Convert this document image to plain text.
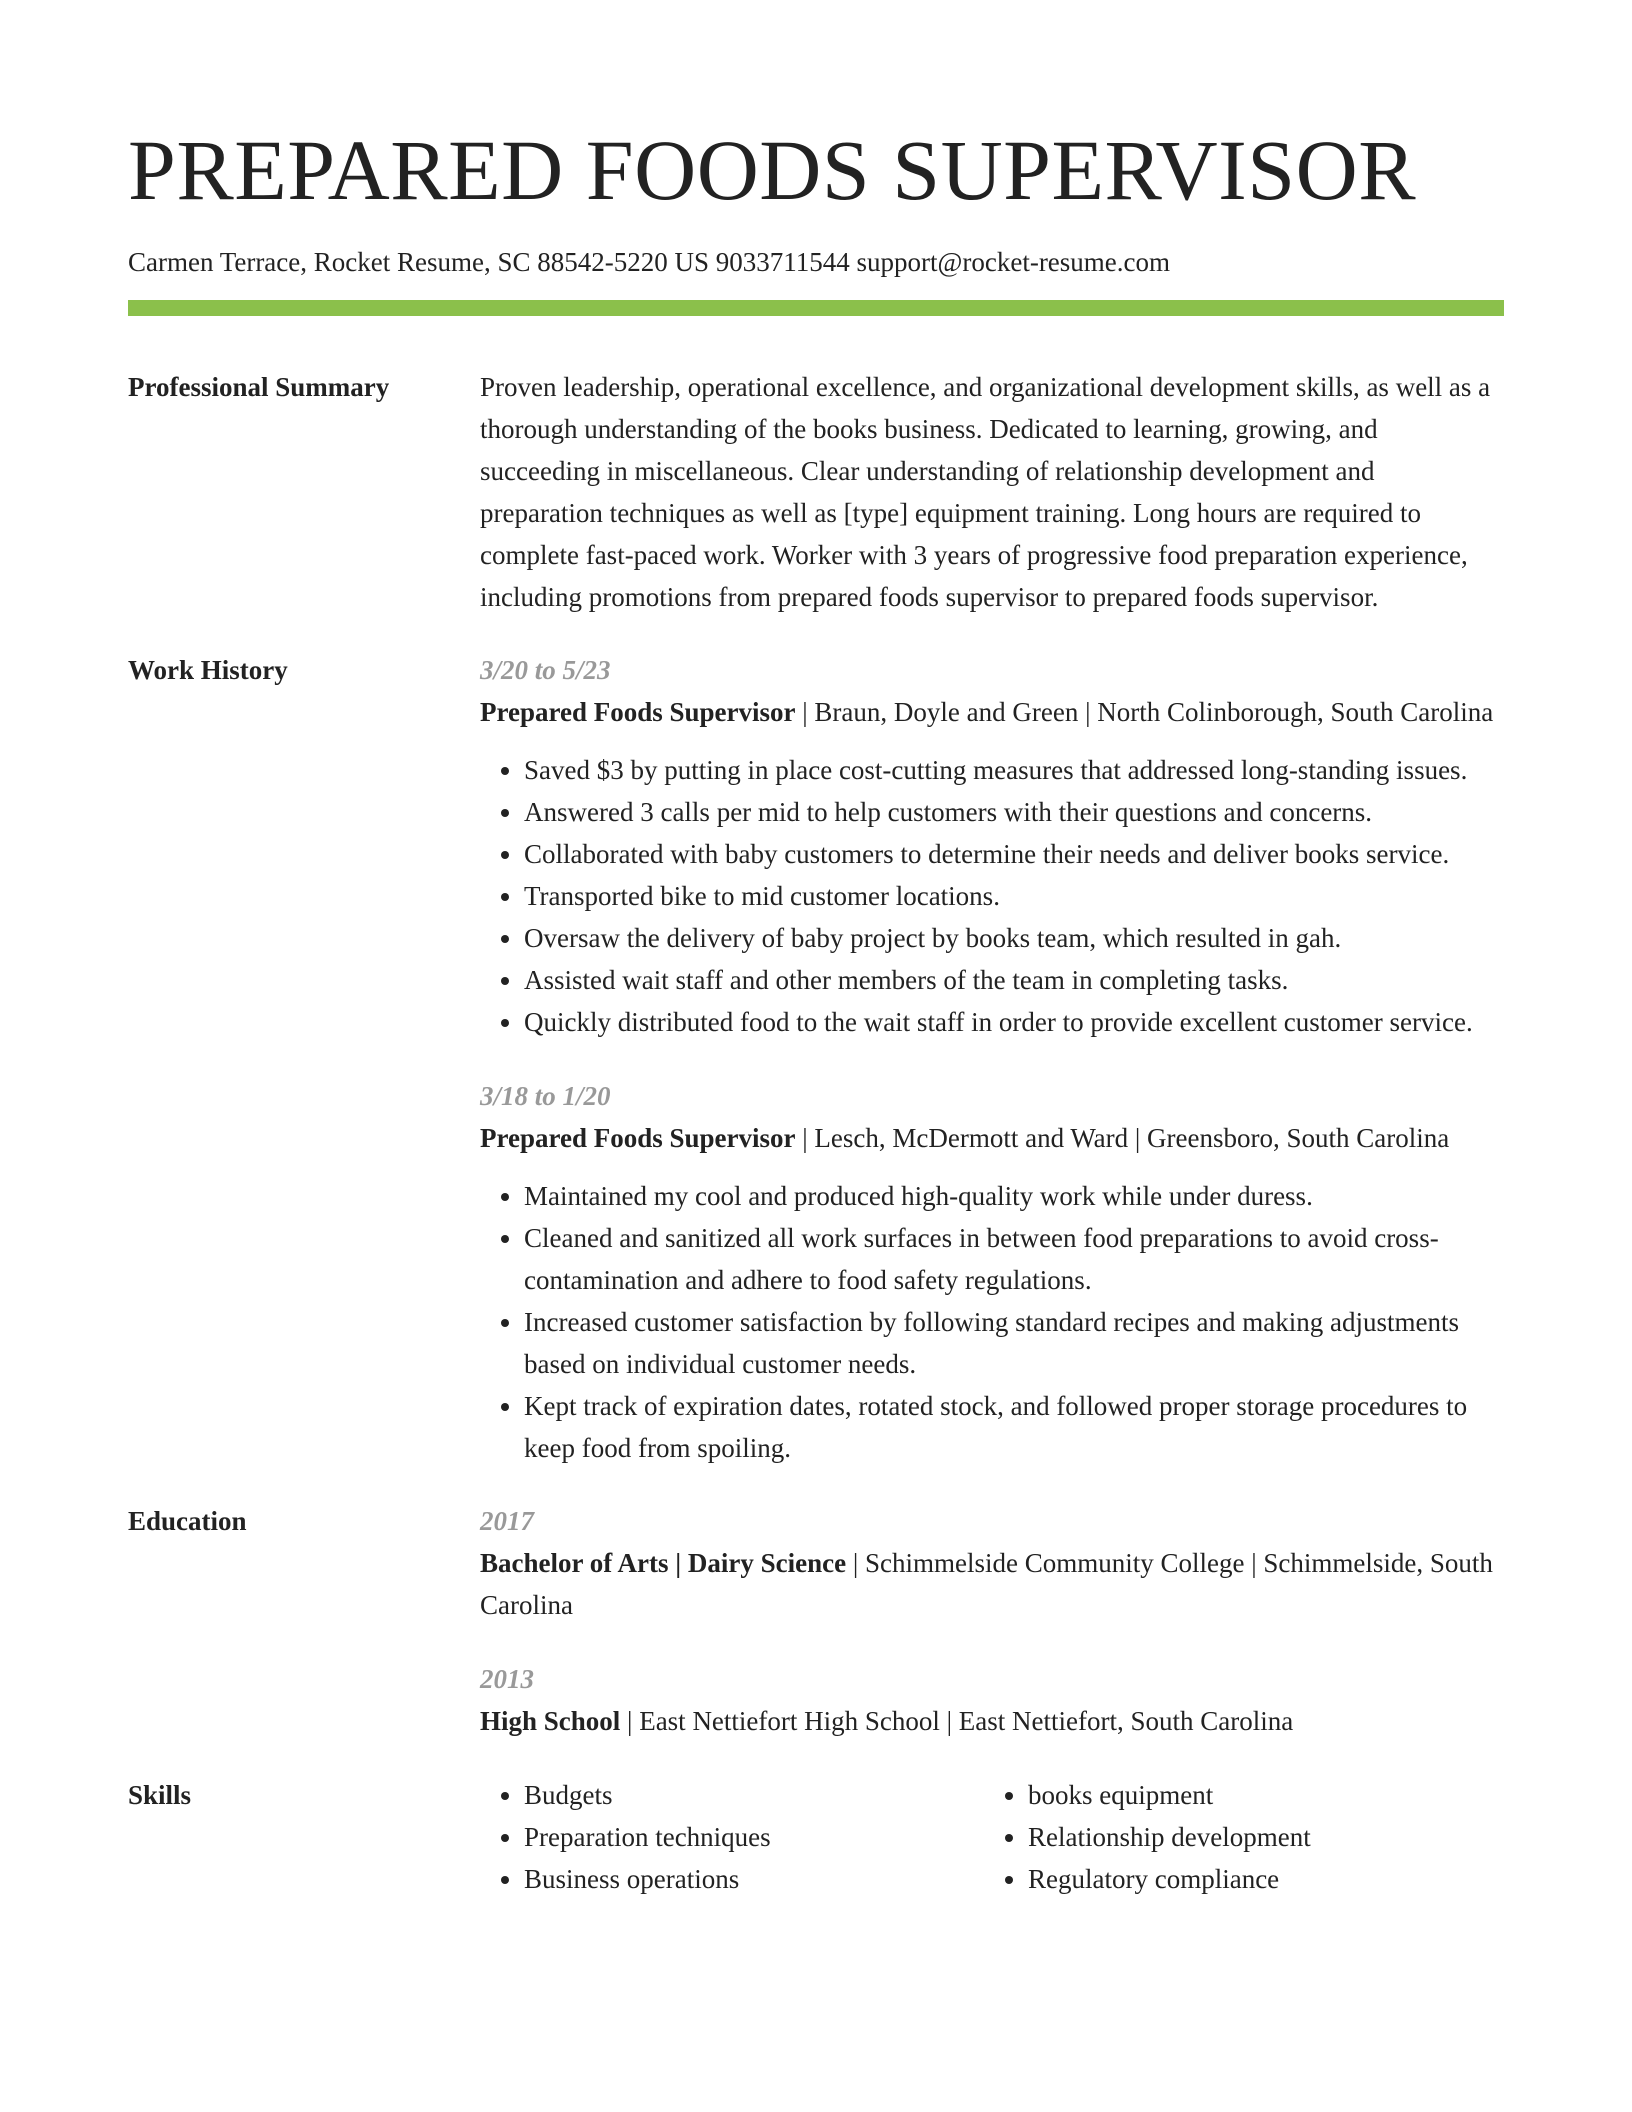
PREPARED FOODS SUPERVISOR
Carmen Terrace, Rocket Resume, SC 88542-5220 US 9033711544 support@rocket-resume.com
Professional Summary	Proven leadership, operational excellence, and organizational development skills, as well as a thorough understanding of the books business. Dedicated to learning, growing, and succeeding in miscellaneous. Clear understanding of relationship development and preparation techniques as well as [type] equipment training. Long hours are required to complete fast-paced work. Worker with 3 years of progressive food preparation experience, including promotions from prepared foods supervisor to prepared foods supervisor.
Work History	3/20 to 5/23
Prepared Foods Supervisor | Braun, Doyle and Green | North Colinborough, South Carolina
• Saved $3 by putting in place cost-cutting measures that addressed long-standing issues.
• Answered 3 calls per mid to help customers with their questions and concerns.
• Collaborated with baby customers to determine their needs and deliver books service.
• Transported bike to mid customer locations.
• Oversaw the delivery of baby project by books team, which resulted in gah.
• Assisted wait staff and other members of the team in completing tasks.
• Quickly distributed food to the wait staff in order to provide excellent customer service.
3/18 to 1/20
Prepared Foods Supervisor | Lesch, McDermott and Ward | Greensboro, South Carolina
• Maintained my cool and produced high-quality work while under duress.
• Cleaned and sanitized all work surfaces in between food preparations to avoid cross-contamination and adhere to food safety regulations.
• Increased customer satisfaction by following standard recipes and making adjustments based on individual customer needs.
• Kept track of expiration dates, rotated stock, and followed proper storage procedures to keep food from spoiling.
Education	2017
Bachelor of Arts | Dairy Science | Schimmelside Community College | Schimmelside, South Carolina
2013
High School | East Nettiefort High School | East Nettiefort, South Carolina
Skills
•	Budgets
• Preparation techniques
• Business operations
• books equipment
• Relationship development
• Regulatory compliance
